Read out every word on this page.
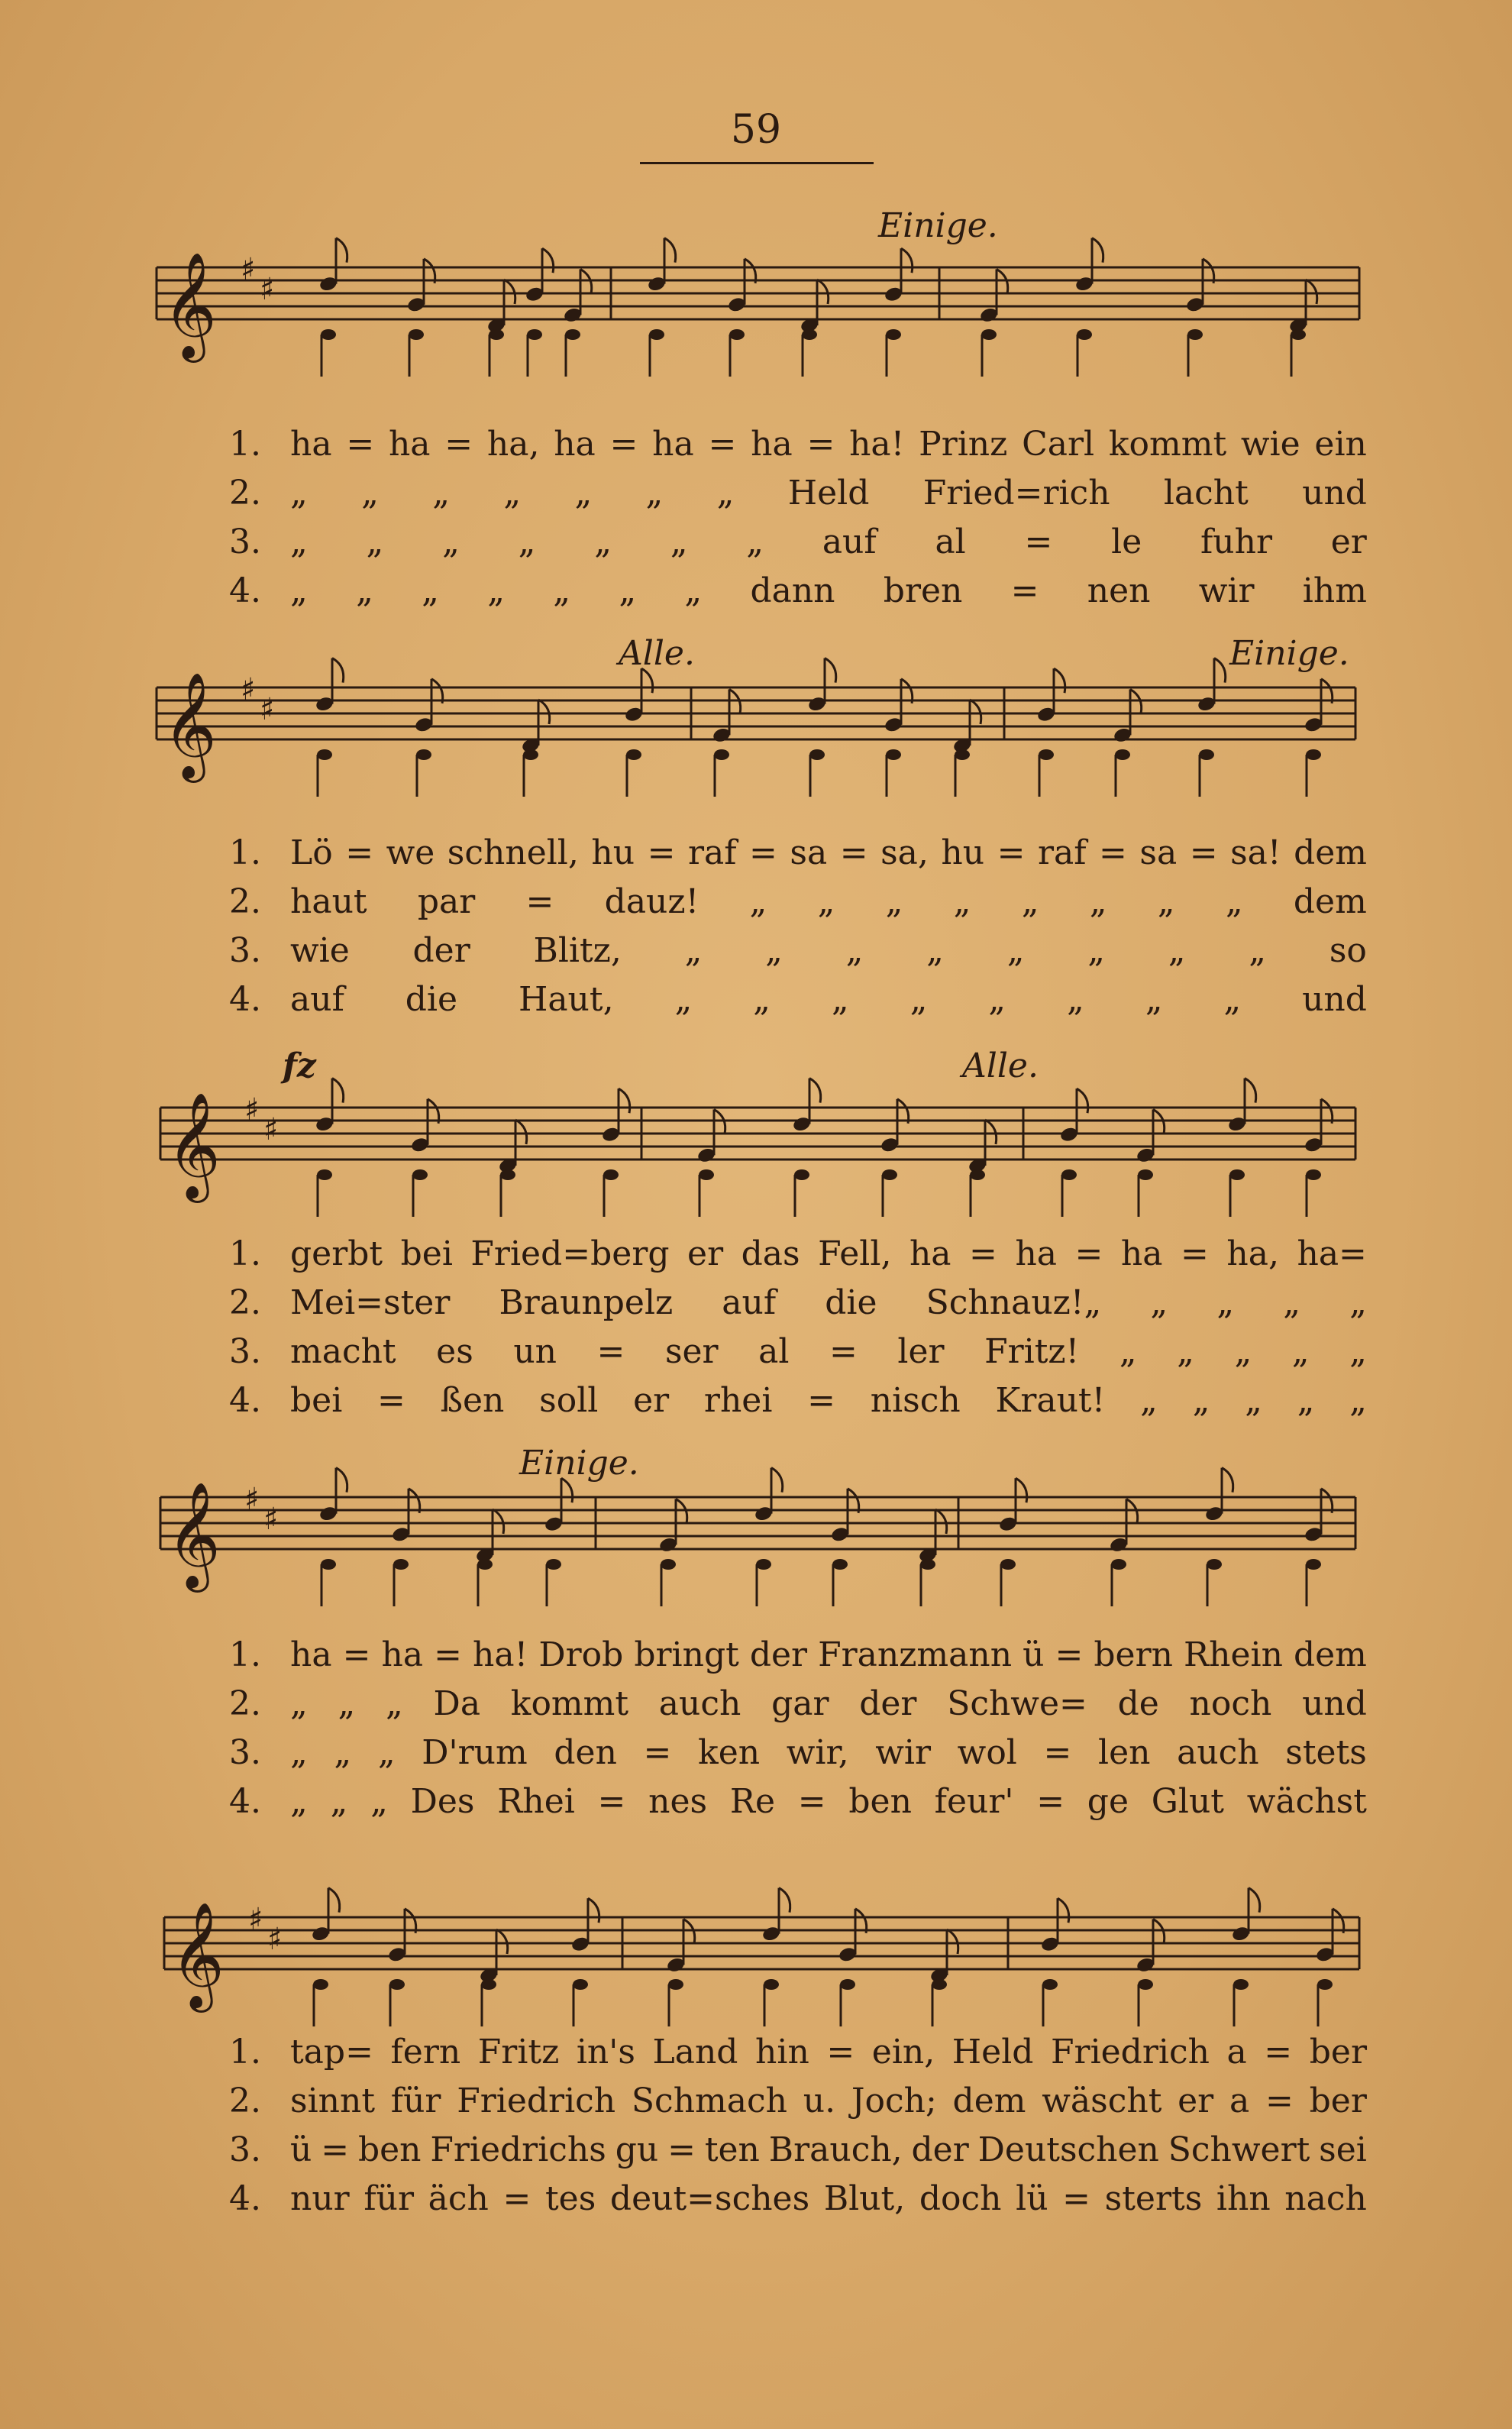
59
𝄞 ♯
♯
Einige.
1. ha = ha = ha, ha = ha = ha = ha! Prinz Carl kommt wie ein
2. „ „ „ „ „ „ „ Held Fried=rich lacht und
3. „ „ „ „ „ „ „ auf al = le fuhr er
4. „ „ „ „ „ „ „ dann bren = nen wir ihm
𝄞 ♯
♯
Alle.	Einige.
1. Lö = we schnell, hu = raf = sa = sa, hu = raf = sa = sa! dem
2. haut par = dauz! „ „ „ „ „ „ „ „ dem
3. wie der Blitz, „ „ „ „ „ „ „ „ so
4. auf die Haut, „ „ „ „ „ „ „ „ und
𝄞 ♯
♯
fz	Alle.
1. gerbt bei Fried=berg er das Fell, ha = ha = ha = ha, ha=
2. Mei=ster Braunpelz auf die Schnauz!„ „ „ „ „
3. macht es un = ser al = ler Fritz! „ „ „ „ „
4. bei = ßen soll er rhei = nisch Kraut! „ „ „ „ „
𝄞 ♯
♯
Einige.
1. ha = ha = ha! Drob bringt der Franzmann ü = bern Rhein dem
2. „ „ „ Da kommt auch gar der Schwe= de noch und
3. „ „ „ D'rum den = ken wir, wir wol = len auch stets
4. „ „ „ Des Rhei = nes Re = ben feur' = ge Glut wächst
𝄞 ♯
♯
1. tap= fern Fritz in's Land hin = ein, Held Friedrich a = ber
2. sinnt für Friedrich Schmach u. Joch; dem wäscht er a = ber
3. ü = ben Friedrichs gu = ten Brauch, der Deutschen Schwert sei
4. nur für äch = tes deut=sches Blut, doch lü = sterts ihn nach
